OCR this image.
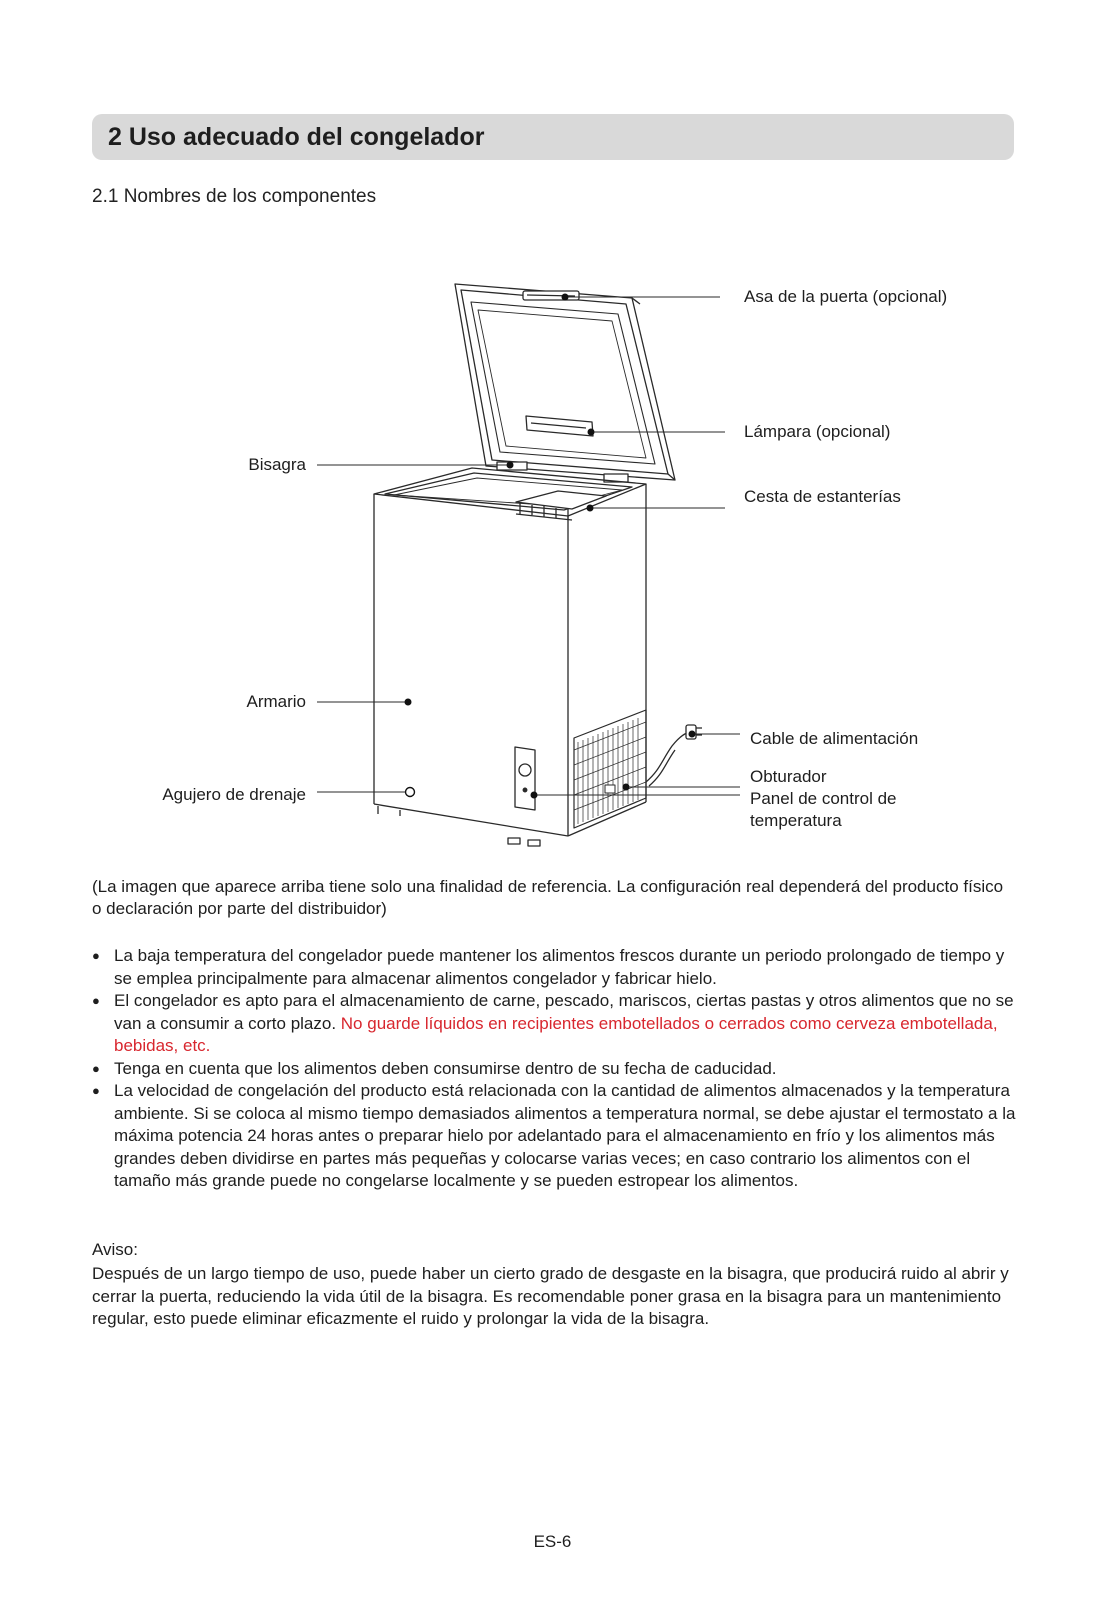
2 Uso adecuado del congelador
2.1 Nombres de los componentes
Asa de la puerta (opcional)
Lámpara (opcional)
Bisagra
Cesta de estanterías
Armario
Cable de alimentación
Obturador
Agujero de drenaje	Panel de control de
temperatura
(La imagen que aparece arriba tiene solo una finalidad de referencia. La configuración real dependerá del producto físico o declaración por parte del distribuidor)
● La baja temperatura del congelador puede mantener los alimentos frescos durante un periodo prolongado de tiempo y se emplea principalmente para almacenar alimentos congelador y fabricar hielo.
● El congelador es apto para el almacenamiento de carne, pescado, mariscos, ciertas pastas y otros alimentos que no se van a consumir a corto plazo. No guarde líquidos en recipientes embotellados o cerrados como cerveza embotellada, bebidas, etc.
● Tenga en cuenta que los alimentos deben consumirse dentro de su fecha de caducidad.
● La velocidad de congelación del producto está relacionada con la cantidad de alimentos almacenados y la temperatura ambiente. Si se coloca al mismo tiempo demasiados alimentos a temperatura normal, se debe ajustar el termostato a la máxima potencia 24 horas antes o preparar hielo por adelantado para el almacenamiento en frío y los alimentos más grandes deben dividirse en partes más pequeñas y colocarse varias veces; en caso contrario los alimentos con el tamaño más grande puede no congelarse localmente y se pueden estropear los alimentos.
Aviso:
Después de un largo tiempo de uso, puede haber un cierto grado de desgaste en la bisagra, que producirá ruido al abrir y cerrar la puerta, reduciendo la vida útil de la bisagra. Es recomendable poner grasa en la bisagra para un mantenimiento regular, esto puede eliminar eficazmente el ruido y prolongar la vida de la bisagra.
ES-6
